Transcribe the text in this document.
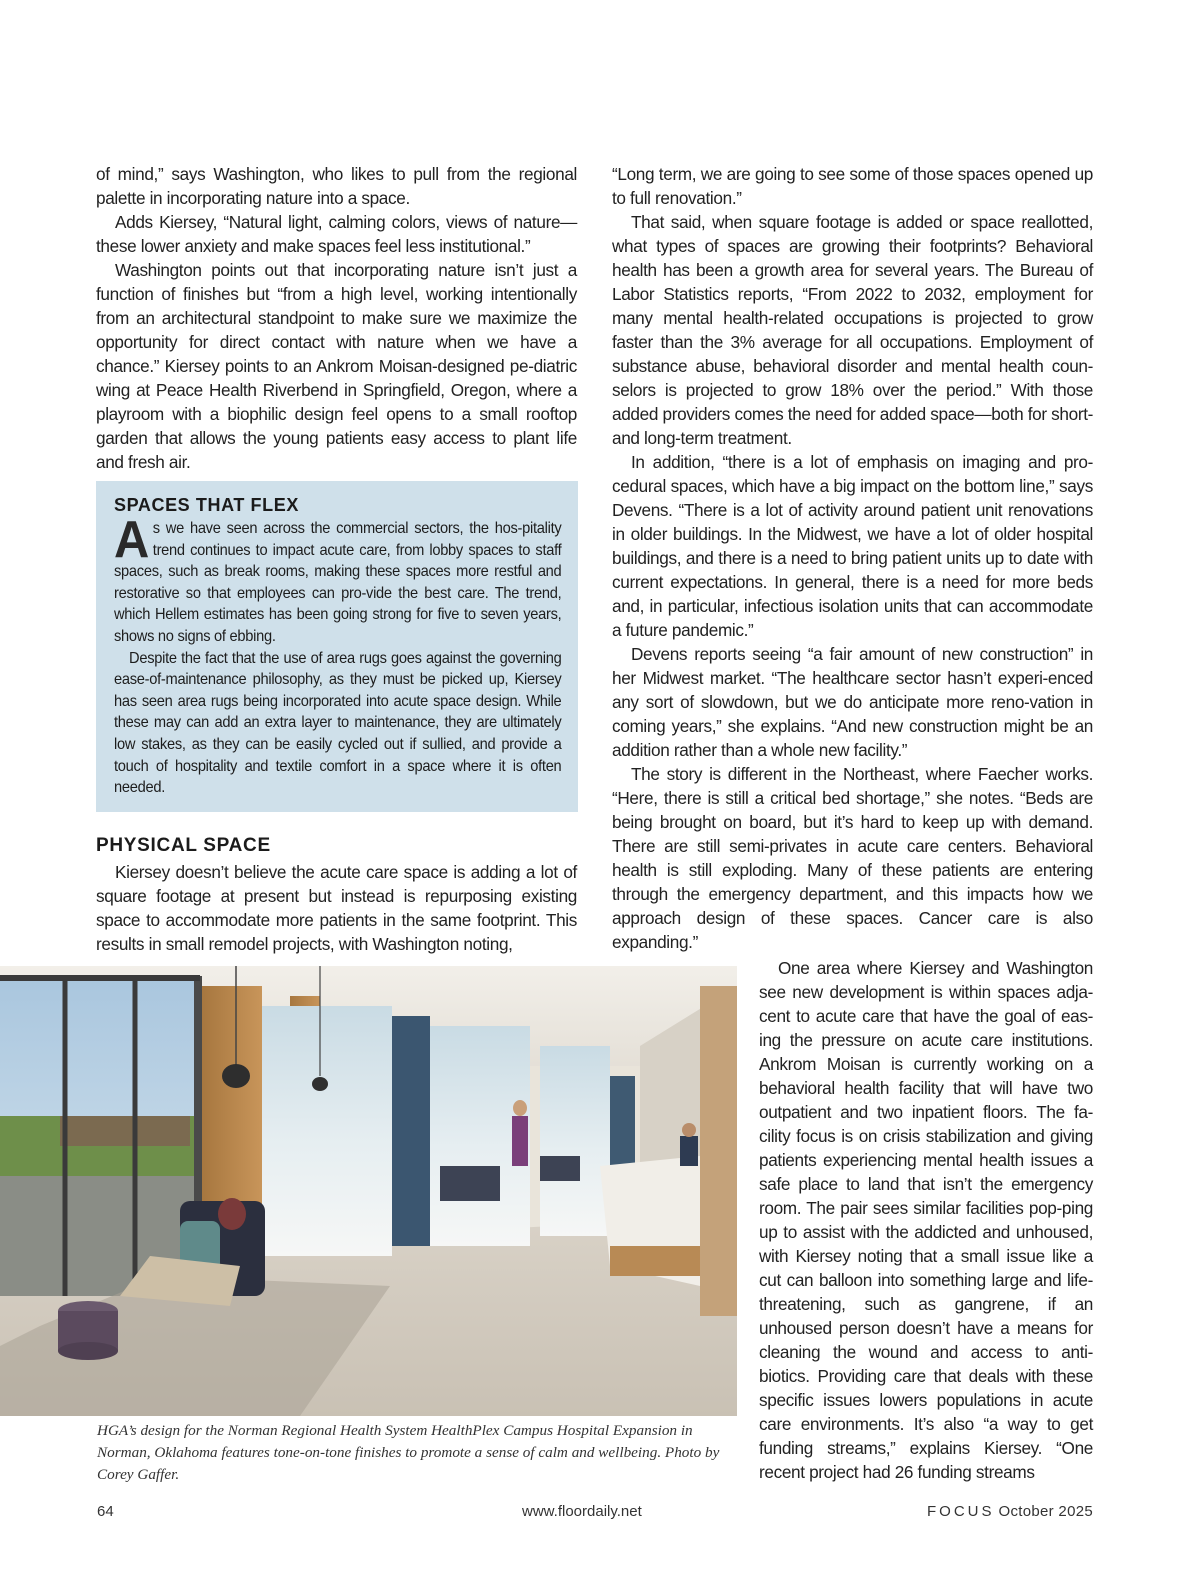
of mind,” says Washington, who likes to pull from the regional palette in incorporating nature into a space.

Adds Kiersey, “Natural light, calming colors, views of nature—these lower anxiety and make spaces feel less institutional.”

Washington points out that incorporating nature isn’t just a function of finishes but “from a high level, working intentionally from an architectural standpoint to make sure we maximize the opportunity for direct contact with nature when we have a chance.” Kiersey points to an Ankrom Moisan-designed pe-diatric wing at Peace Health Riverbend in Springfield, Oregon, where a playroom with a biophilic design feel opens to a small rooftop garden that allows the young patients easy access to plant life and fresh air.

SPACES THAT FLEX

As we have seen across the commercial sectors, the hos-pitality trend continues to impact acute care, from lobby spaces to staff spaces, such as break rooms, making these spaces more restful and restorative so that employees can pro-vide the best care. The trend, which Hellem estimates has been going strong for five to seven years, shows no signs of ebbing.

Despite the fact that the use of area rugs goes against the governing ease-of-maintenance philosophy, as they must be picked up, Kiersey has seen area rugs being incorporated into acute space design. While these may can add an extra layer to maintenance, they are ultimately low stakes, as they can be easily cycled out if sullied, and provide a touch of hospitality and textile comfort in a space where it is often needed.

PHYSICAL SPACE

Kiersey doesn’t believe the acute care space is adding a lot of square footage at present but instead is repurposing existing space to accommodate more patients in the same footprint. This results in small remodel projects, with Washington noting,

“Long term, we are going to see some of those spaces opened up to full renovation.”

That said, when square footage is added or space reallotted, what types of spaces are growing their footprints? Behavioral health has been a growth area for several years. The Bureau of Labor Statistics reports, “From 2022 to 2032, employment for many mental health-related occupations is projected to grow faster than the 3% average for all occupations. Employment of substance abuse, behavioral disorder and mental health coun-selors is projected to grow 18% over the period.” With those added providers comes the need for added space—both for short- and long-term treatment.

In addition, “there is a lot of emphasis on imaging and pro-cedural spaces, which have a big impact on the bottom line,” says Devens. “There is a lot of activity around patient unit renovations in older buildings. In the Midwest, we have a lot of older hospital buildings, and there is a need to bring patient units up to date with current expectations. In general, there is a need for more beds and, in particular, infectious isolation units that can accommodate a future pandemic.”

Devens reports seeing “a fair amount of new construction” in her Midwest market. “The healthcare sector hasn’t experi-enced any sort of slowdown, but we do anticipate more reno-vation in coming years,” she explains. “And new construction might be an addition rather than a whole new facility.”

The story is different in the Northeast, where Faecher works. “Here, there is still a critical bed shortage,” she notes. “Beds are being brought on board, but it’s hard to keep up with demand. There are still semi-privates in acute care centers. Behavioral health is still exploding. Many of these patients are entering through the emergency department, and this impacts how we approach design of these spaces. Cancer care is also expanding.”

One area where Kiersey and Washington see new development is within spaces adja-cent to acute care that have the goal of eas-ing the pressure on acute care institutions. Ankrom Moisan is currently working on a behavioral health facility that will have two outpatient and two inpatient floors. The fa-cility focus is on crisis stabilization and giving patients experiencing mental health issues a safe place to land that isn’t the emergency room. The pair sees similar facilities pop-ping up to assist with the addicted and unhoused, with Kiersey noting that a small issue like a cut can balloon into something large and life-threatening, such as gangrene, if an unhoused person doesn’t have a means for cleaning the wound and access to anti-biotics. Providing care that deals with these specific issues lowers populations in acute care environments. It’s also “a way to get funding streams,” explains Kiersey. “One recent project had 26 funding streams

HGA’s design for the Norman Regional Health System HealthPlex Campus Hospital Expansion in Norman, Oklahoma features tone-on-tone finishes to promote a sense of calm and wellbeing. Photo by Corey Gaffer.
64	www.floordaily.net	FOCUS October 2025
